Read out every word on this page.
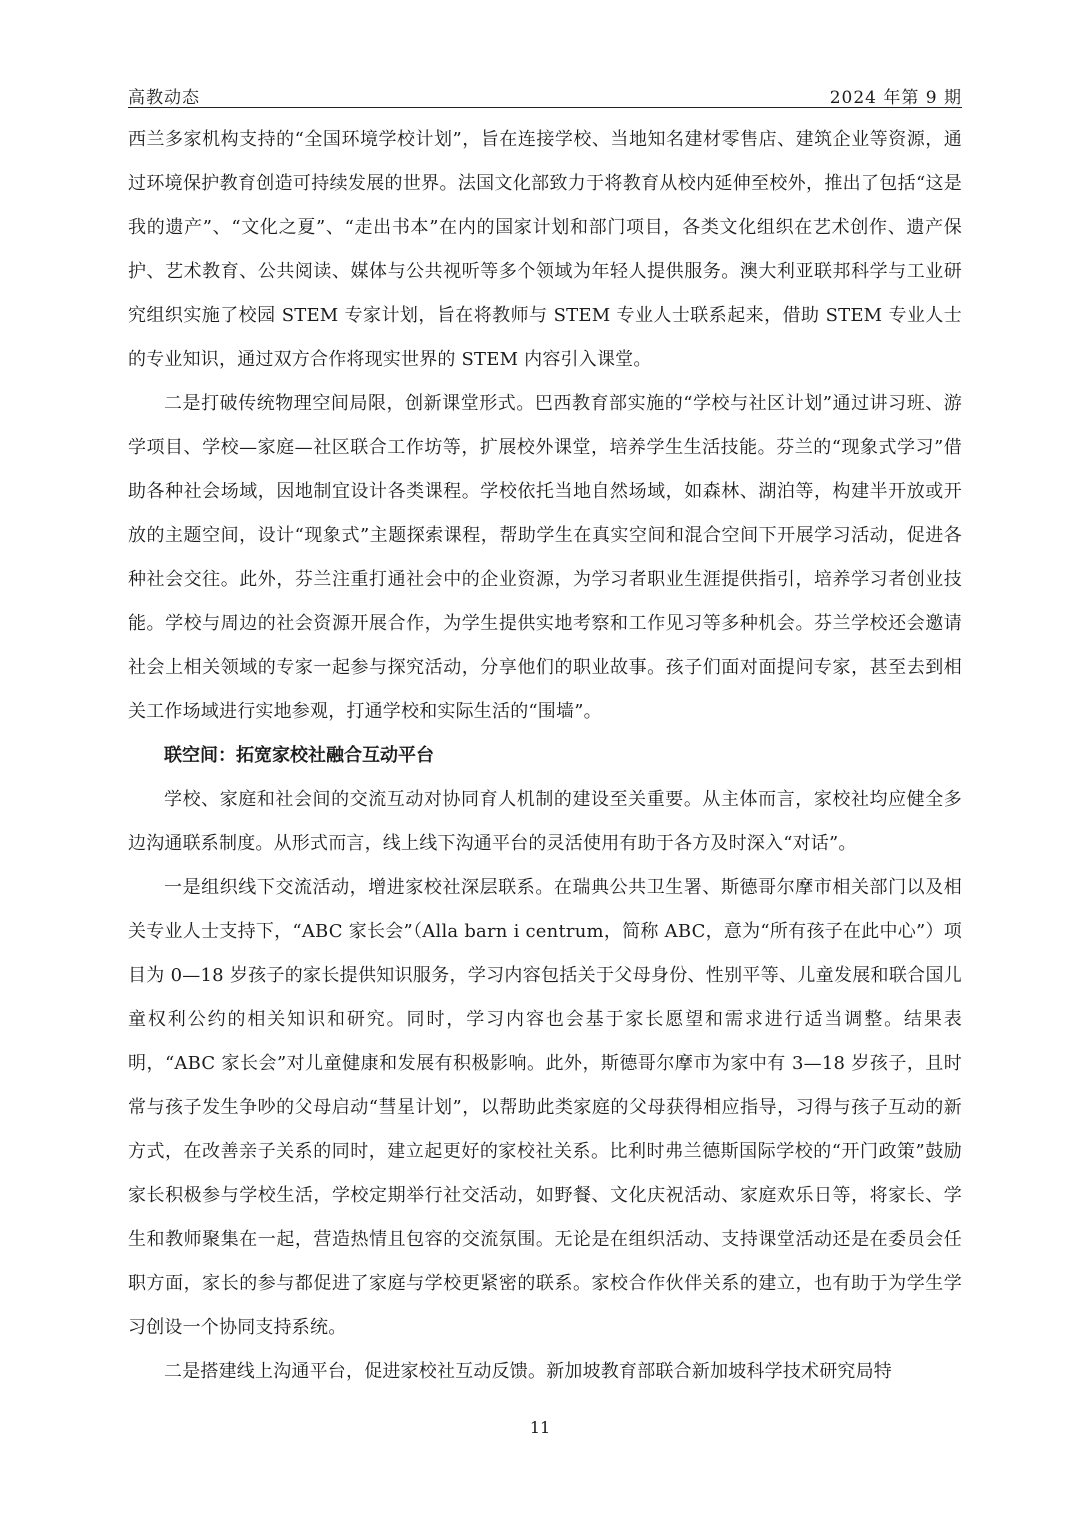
高教动态	2024 年第 9 期

西兰多家机构支持的“全国环境学校计划”，旨在连接学校、当地知名建材零售店、建筑企业等资源，通过环境保护教育创造可持续发展的世界。法国文化部致力于将教育从校内延伸至校外，推出了包括“这是我的遗产”、“文化之夏”、“走出书本”在内的国家计划和部门项目，各类文化组织在艺术创作、遗产保护、艺术教育、公共阅读、媒体与公共视听等多个领域为年轻人提供服务。澳大利亚联邦科学与工业研究组织实施了校园 STEM 专家计划，旨在将教师与 STEM 专业人士联系起来，借助 STEM 专业人士的专业知识，通过双方合作将现实世界的 STEM 内容引入课堂。

二是打破传统物理空间局限，创新课堂形式。巴西教育部实施的“学校与社区计划”通过讲习班、游学项目、学校—家庭—社区联合工作坊等，扩展校外课堂，培养学生生活技能。芬兰的“现象式学习”借助各种社会场域，因地制宜设计各类课程。学校依托当地自然场域，如森林、湖泊等，构建半开放或开放的主题空间，设计“现象式”主题探索课程，帮助学生在真实空间和混合空间下开展学习活动，促进各种社会交往。此外，芬兰注重打通社会中的企业资源，为学习者职业生涯提供指引，培养学习者创业技能。学校与周边的社会资源开展合作，为学生提供实地考察和工作见习等多种机会。芬兰学校还会邀请社会上相关领域的专家一起参与探究活动，分享他们的职业故事。孩子们面对面提问专家，甚至去到相关工作场域进行实地参观，打通学校和实际生活的“围墙”。

联空间：拓宽家校社融合互动平台

学校、家庭和社会间的交流互动对协同育人机制的建设至关重要。从主体而言，家校社均应健全多边沟通联系制度。从形式而言，线上线下沟通平台的灵活使用有助于各方及时深入“对话”。

一是组织线下交流活动，增进家校社深层联系。在瑞典公共卫生署、斯德哥尔摩市相关部门以及相关专业人士支持下，“ABC 家长会”（Alla barn i centrum，简称 ABC，意为“所有孩子在此中心”）项目为 0—18 岁孩子的家长提供知识服务，学习内容包括关于父母身份、性别平等、儿童发展和联合国儿童权利公约的相关知识和研究。同时，学习内容也会基于家长愿望和需求进行适当调整。结果表明，“ABC 家长会”对儿童健康和发展有积极影响。此外，斯德哥尔摩市为家中有 3—18 岁孩子，且时常与孩子发生争吵的父母启动“彗星计划”，以帮助此类家庭的父母获得相应指导，习得与孩子互动的新方式，在改善亲子关系的同时，建立起更好的家校社关系。比利时弗兰德斯国际学校的“开门政策”鼓励家长积极参与学校生活，学校定期举行社交活动，如野餐、文化庆祝活动、家庭欢乐日等，将家长、学生和教师聚集在一起，营造热情且包容的交流氛围。无论是在组织活动、支持课堂活动还是在委员会任职方面，家长的参与都促进了家庭与学校更紧密的联系。家校合作伙伴关系的建立，也有助于为学生学习创设一个协同支持系统。

二是搭建线上沟通平台，促进家校社互动反馈。新加坡教育部联合新加坡科学技术研究局特

11
